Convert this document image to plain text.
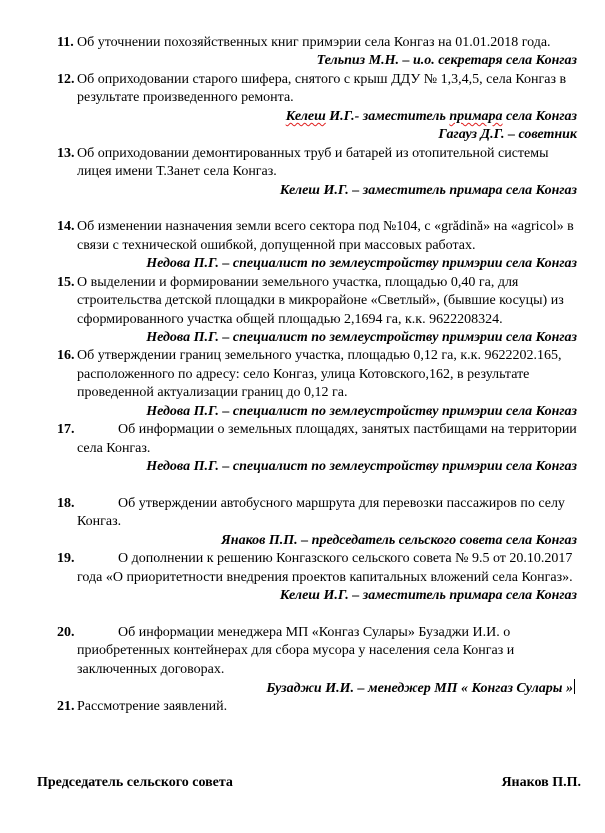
11. Об уточнении похозяйственных книг примэрии села Конгаз на 01.01.2018 года.
Тельпиз М.Н. – и.о. секретаря села Конгаз
12. Об оприходовании старого шифера, снятого с крыш ДДУ № 1,3,4,5, села Конгаз в
результате произведенного ремонта.
Келеш И.Г.- заместитель примара села Конгаз
Гагауз Д.Г. – советник
13. Об оприходовании демонтированных труб и батарей из отопительной системы
лицея имени Т.Занет села Конгаз.
Келеш И.Г. – заместитель примара села Конгаз
14. Об изменении назначения земли всего сектора под №104, с «grădină» на «agricol» в
связи с технической ошибкой, допущенной при массовых работах.
Недова П.Г. – специалист по землеустройству примэрии села Конгаз
15. О выделении и формировании земельного участка, площадью 0,40 га, для
строительства детской площадки в микрорайоне «Светлый», (бывшие косуцы) из
сформированного участка общей площадью 2,1694 га, к.к. 9622208324.
Недова П.Г. – специалист по землеустройству примэрии села Конгаз
16. Об утверждении границ земельного участка, площадью 0,12 га, к.к. 9622202.165,
расположенного по адресу: село Конгаз, улица Котовского,162, в результате
проведенной актуализации границ до 0,12 га.
Недова П.Г. – специалист по землеустройству примэрии села Конгаз
17.	Об информации о земельных площадях, занятых пастбищами на территории
села Конгаз.
Недова П.Г. – специалист по землеустройству примэрии села Конгаз
18.	Об утверждении автобусного маршрута для перевозки пассажиров по селу
Конгаз.
Янаков П.П. – председатель сельского совета села Конгаз
19.	О дополнении к решению Конгазского сельского совета № 9.5 от 20.10.2017
года «О приоритетности внедрения проектов капитальных вложений села Конгаз».
Келеш И.Г. – заместитель примара села Конгаз
20.	Об информации менеджера МП «Конгаз Сулары» Бузаджи И.И. о
приобретенных контейнерах для сбора мусора у населения села Конгаз и
заключенных договорах.
Бузаджи И.И. – менеджер МП « Конгаз Сулары »
21. Рассмотрение заявлений.
Председатель сельского совета	Янаков П.П.
